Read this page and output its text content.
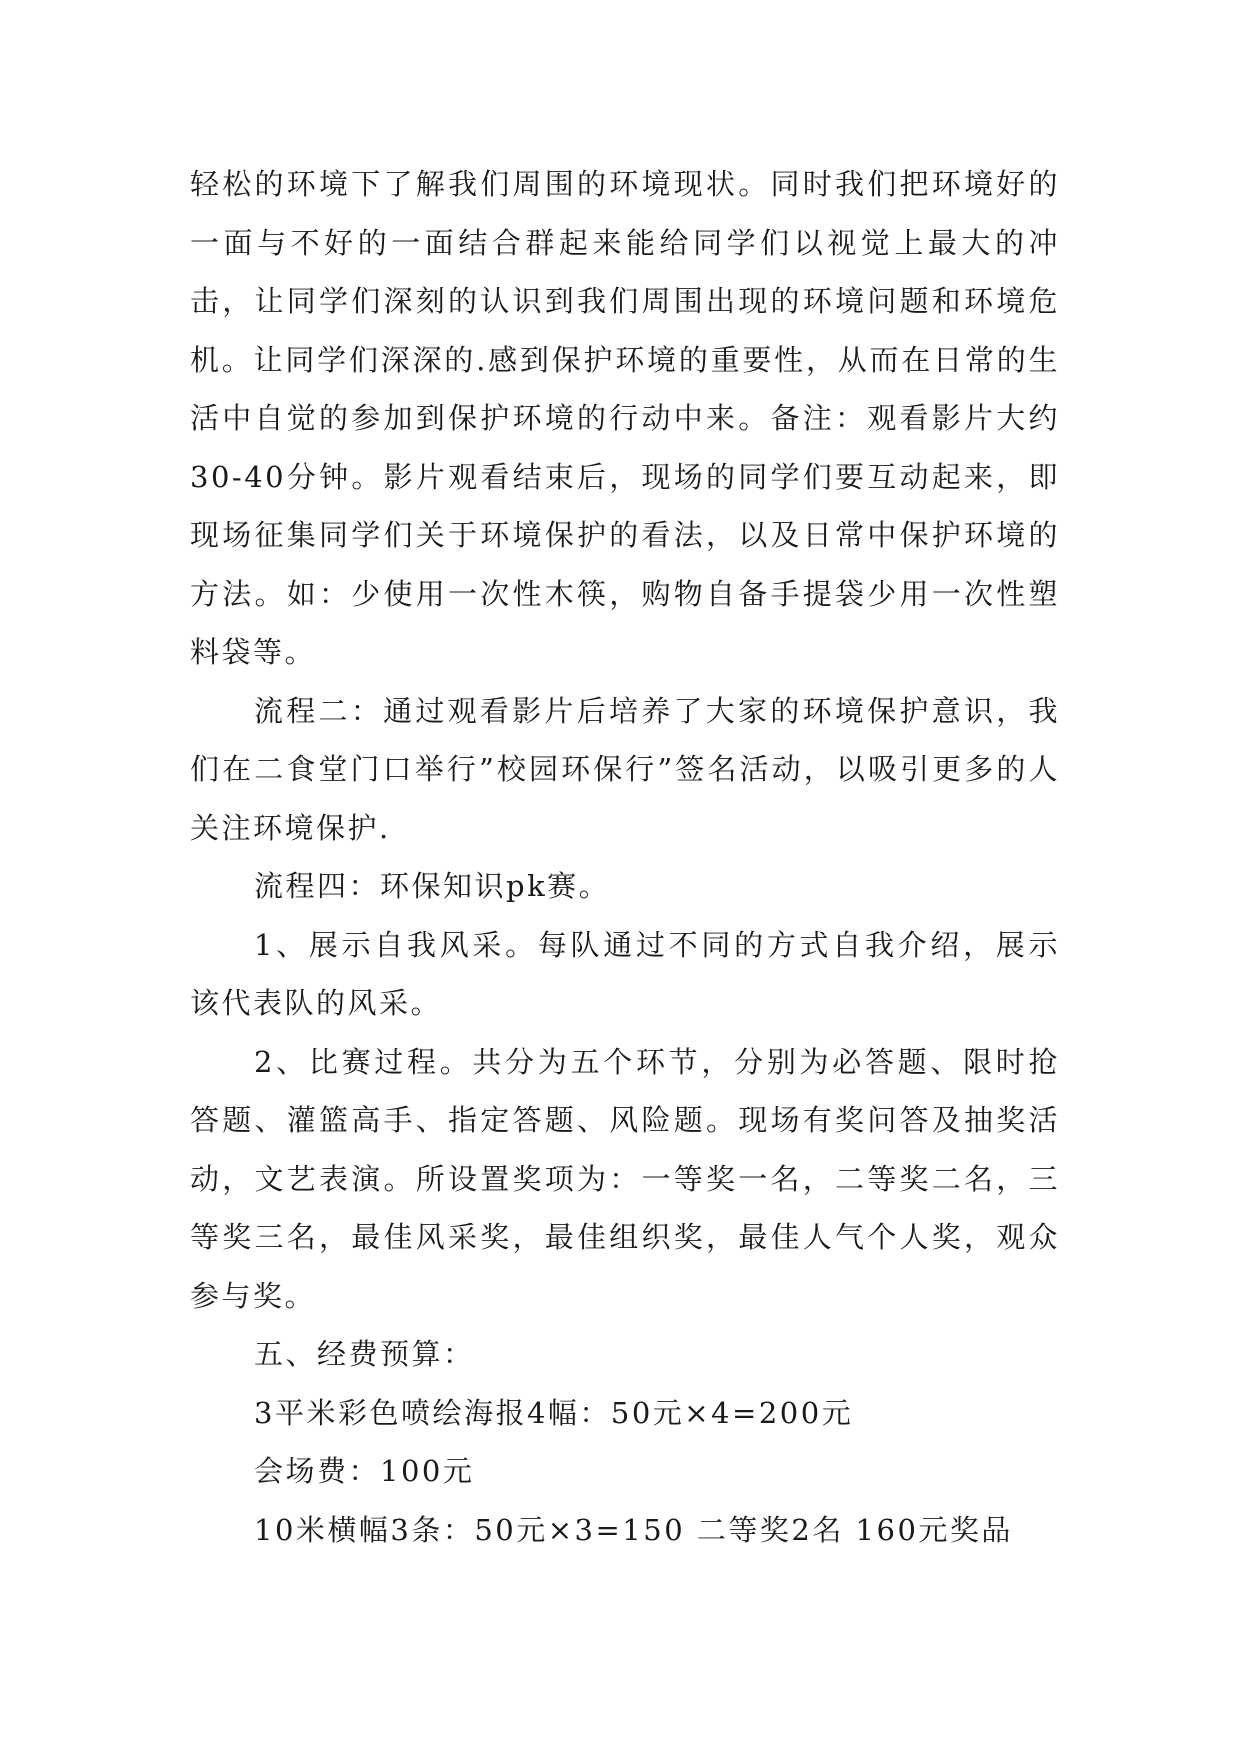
轻松的环境下了解我们周围的环境现状。同时我们把环境好的一面与不好的一面结合群起来能给同学们以视觉上最大的冲击，让同学们深刻的认识到我们周围出现的环境问题和环境危机。让同学们深深的.感到保护环境的重要性，从而在日常的生活中自觉的参加到保护环境的行动中来。备注：观看影片大约30-40分钟。影片观看结束后，现场的同学们要互动起来，即现场征集同学们关于环境保护的看法，以及日常中保护环境的方法。如：少使用一次性木筷，购物自备手提袋少用一次性塑料袋等。

流程二：通过观看影片后培养了大家的环境保护意识，我们在二食堂门口举行”校园环保行”签名活动，以吸引更多的人关注环境保护.

流程四：环保知识pk赛。

1、展示自我风采。每队通过不同的方式自我介绍，展示该代表队的风采。

2、比赛过程。共分为五个环节，分别为必答题、限时抢答题、灌篮高手、指定答题、风险题。现场有奖问答及抽奖活动，文艺表演。所设置奖项为：一等奖一名，二等奖二名，三等奖三名，最佳风采奖，最佳组织奖，最佳人气个人奖，观众参与奖。

五、经费预算：

3平米彩色喷绘海报4幅：50元×4=200元

会场费：100元

10米横幅3条：50元×3=150 二等奖2名 160元奖品
